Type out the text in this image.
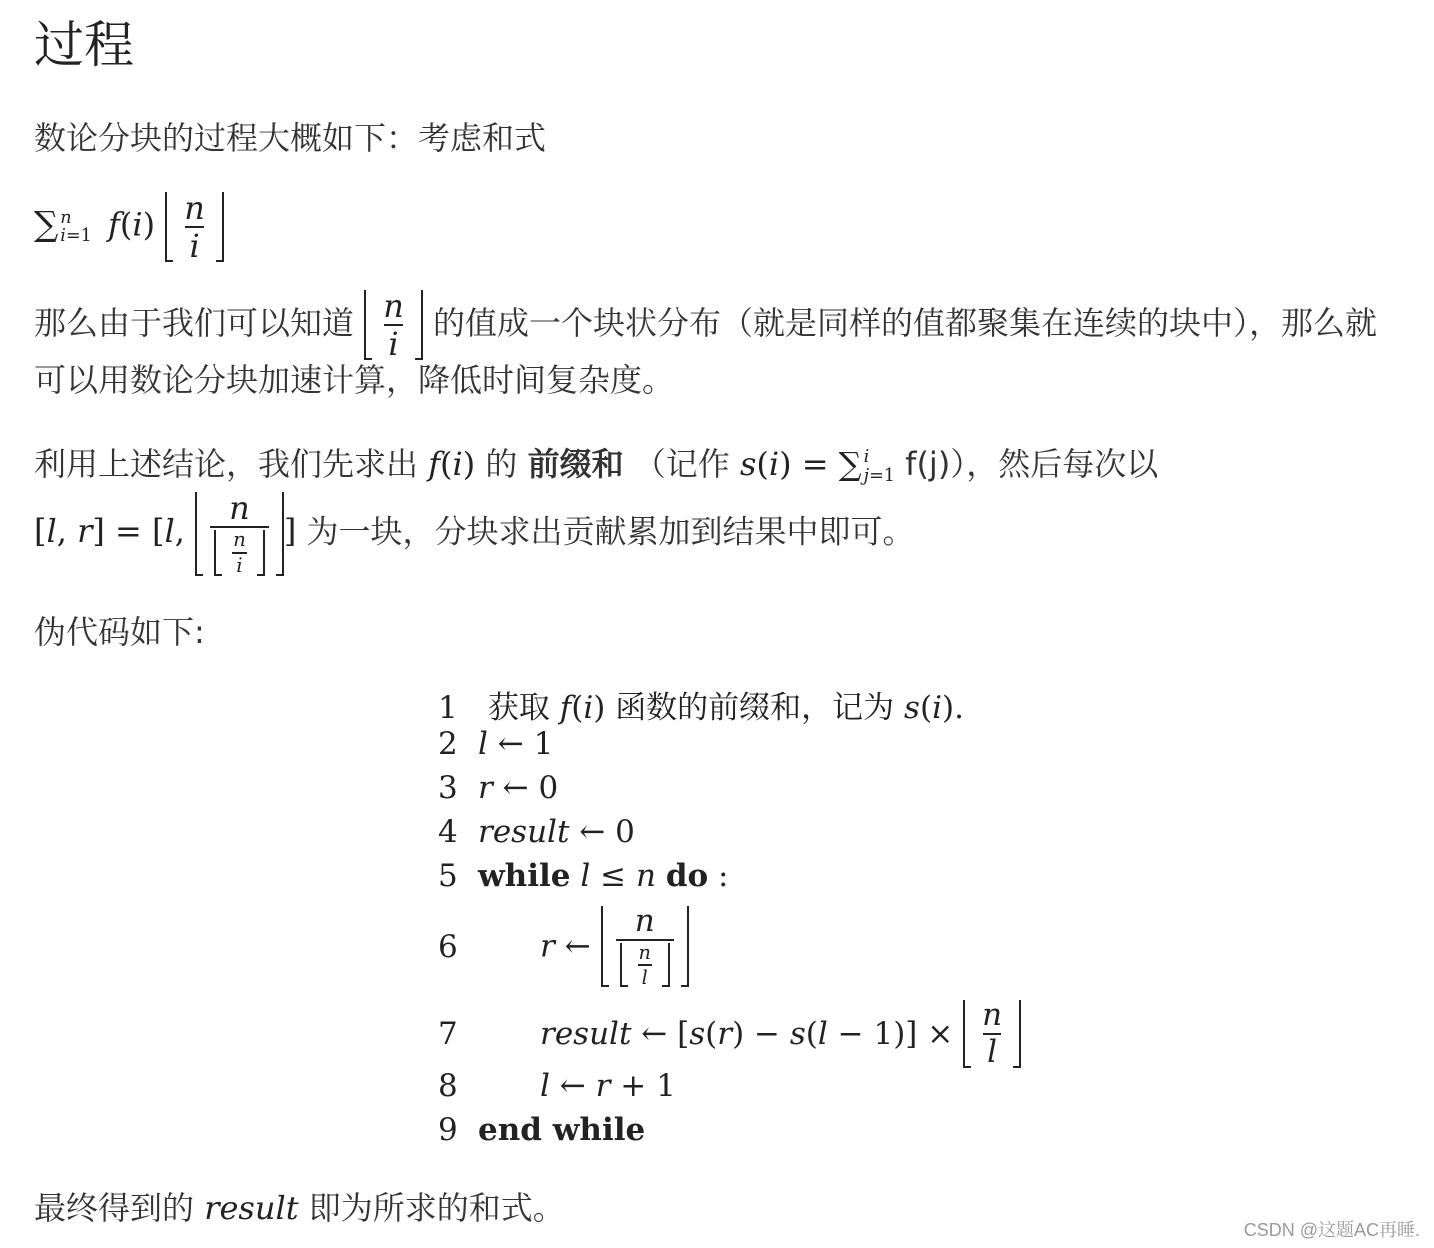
过程
数论分块的过程大概如下：考虑和式
∑ n
i=1 $f(i) \frac{n}{i}$
那么由于我们可以知道 $\frac{n}{i}$ 的值成一个块状分布（就是同样的值都聚集在连续的块中），那么就
可以用数论分块加速计算，降低时间复杂度。
利用上述结论，我们先求出 f(i) 的 前缀和 （记作 s(i) = ∑ i
j=1 f(j)），然后每次以
[l, r] = [l, $\frac{n}{\frac{n}{i}}$ ] 为一块，分块求出贡献累加到结果中即可。
伪代码如下:
1 获取 f(i) 函数的前缀和，记为 s(i).
2 l ← 1
3 r ← 0
4 result ← 0
5 while l ≤ n do :
6	r ← $\frac{n}{\frac{n}{l}}$
7	result ← $[s(r) - s(l - 1)] \times \frac{n}{l}$
8	l ← r + 1
9 end while
最终得到的 result 即为所求的和式。
CSDN @这题AC再睡.
